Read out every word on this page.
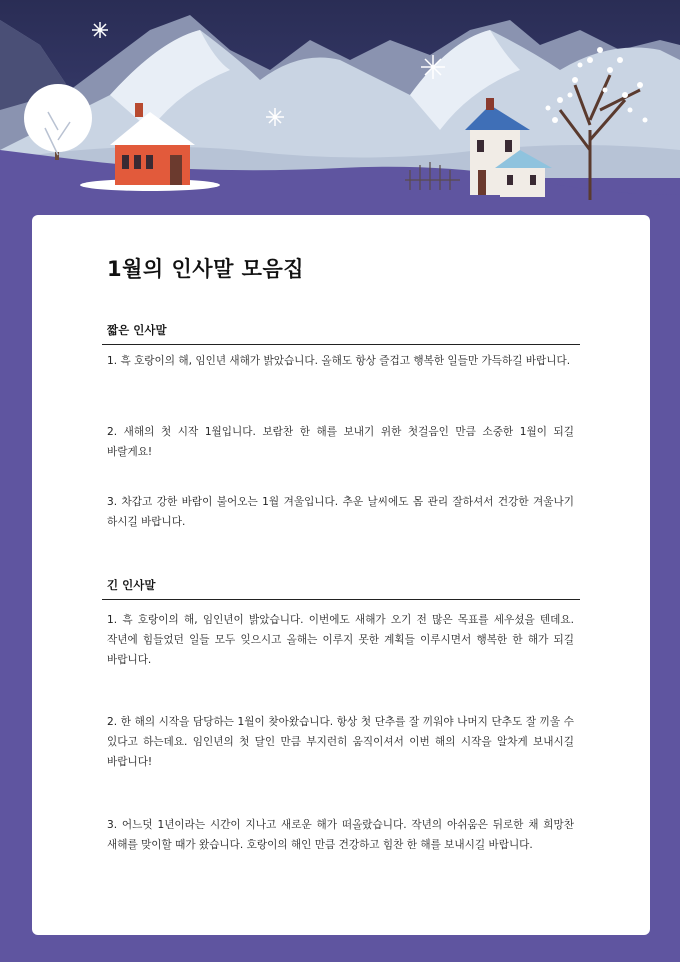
1월의 인사말 모음집
짧은 인사말

1. 흑 호랑이의 해, 임인년 새해가 밝았습니다. 올해도 항상 즐겁고 행복한 일들만 가득하길 바랍니다.

2. 새해의 첫 시작 1월입니다. 보람찬 한 해를 보내기 위한 첫걸음인 만큼 소중한 1월이 되길 바랄게요!

3. 차갑고 강한 바람이 불어오는 1월 겨울입니다. 추운 날씨에도 몸 관리 잘하셔서 건강한 겨울나기 하시길 바랍니다.

긴 인사말

1. 흑 호랑이의 해, 임인년이 밝았습니다. 이번에도 새해가 오기 전 많은 목표를 세우셨을 텐데요. 작년에 힘들었던 일들 모두 잊으시고 올해는 이루지 못한 계획들 이루시면서 행복한 한 해가 되길 바랍니다.

2. 한 해의 시작을 담당하는 1월이 찾아왔습니다. 항상 첫 단추를 잘 끼워야 나머지 단추도 잘 끼울 수 있다고 하는데요. 임인년의 첫 달인 만큼 부지런히 움직이셔서 이번 해의 시작을 알차게 보내시길 바랍니다!

3. 어느덧 1년이라는 시간이 지나고 새로운 해가 떠올랐습니다. 작년의 아쉬움은 뒤로한 채 희망찬 새해를 맞이할 때가 왔습니다. 호랑이의 해인 만큼 건강하고 힘찬 한 해를 보내시길 바랍니다.
